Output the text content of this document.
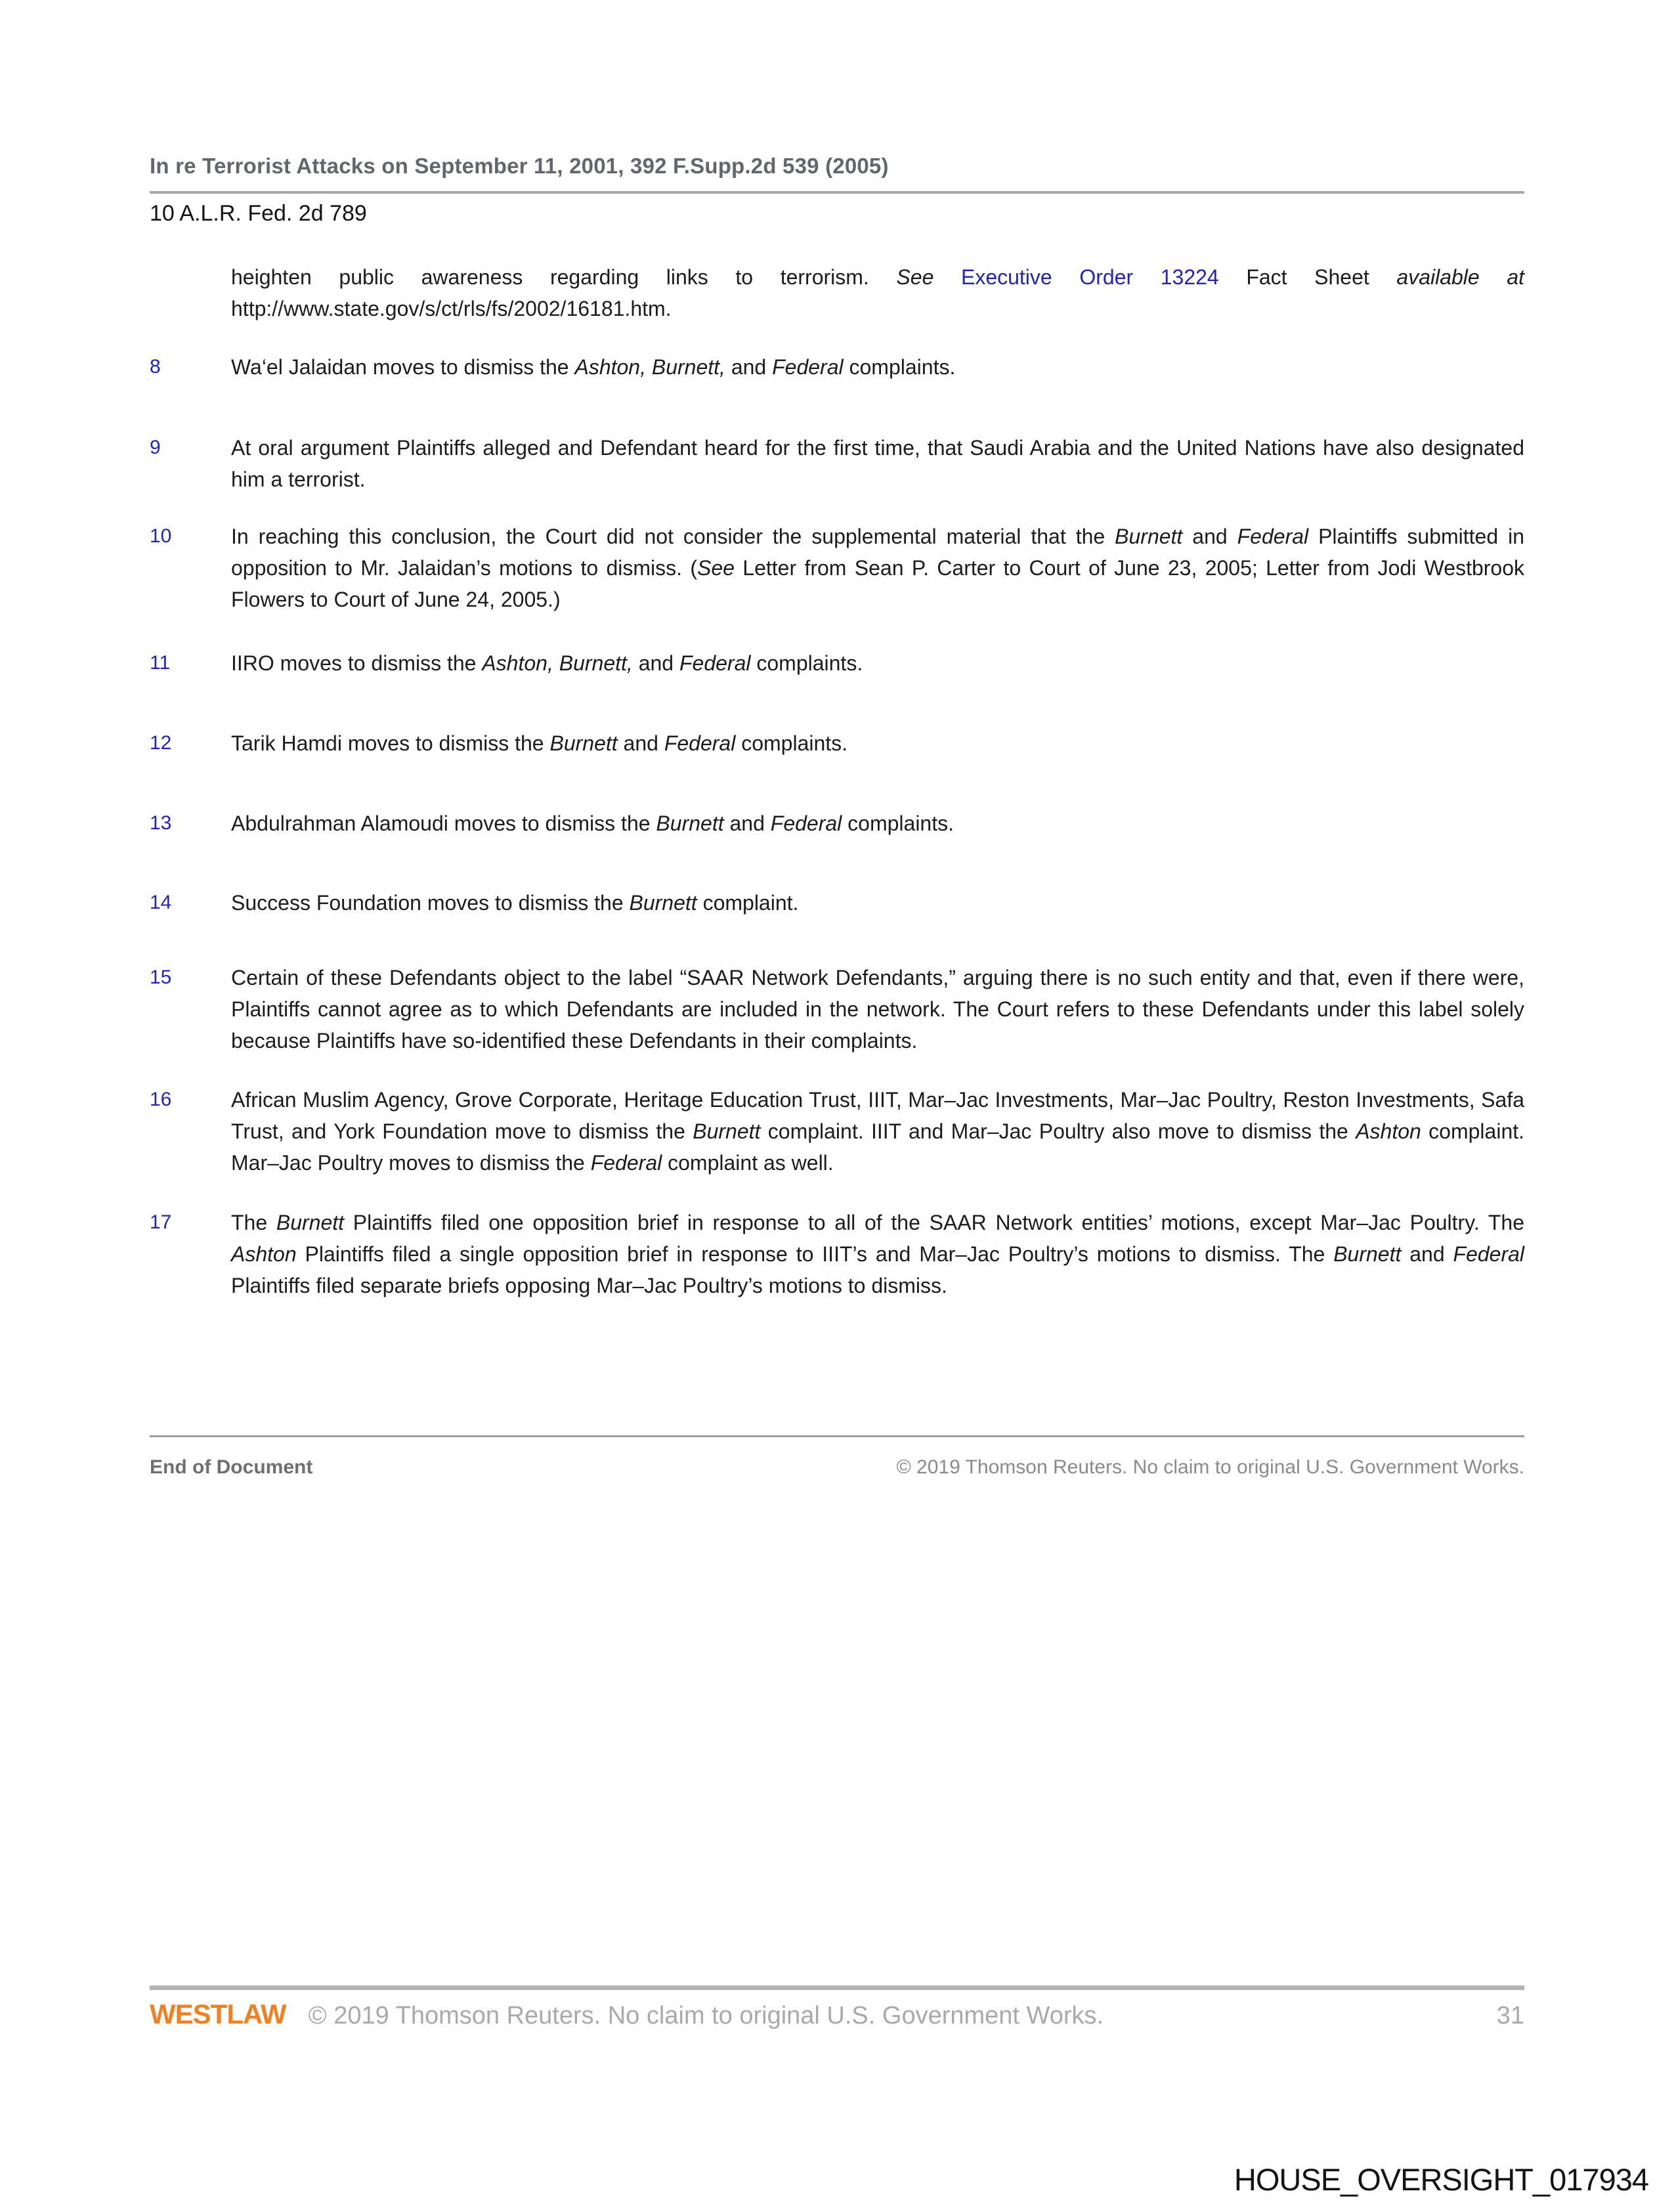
In re Terrorist Attacks on September 11, 2001, 392 F.Supp.2d 539 (2005)
10 A.L.R. Fed. 2d 789
heighten public awareness regarding links to terrorism. See Executive Order 13224 Fact Sheet available at http://www.state.gov/s/ct/rls/fs/2002/16181.htm.
8	Wa‘el Jalaidan moves to dismiss the Ashton, Burnett, and Federal complaints.
9	At oral argument Plaintiffs alleged and Defendant heard for the first time, that Saudi Arabia and the United Nations have also designated him a terrorist.
10	In reaching this conclusion, the Court did not consider the supplemental material that the Burnett and Federal Plaintiffs submitted in opposition to Mr. Jalaidan’s motions to dismiss. (See Letter from Sean P. Carter to Court of June 23, 2005; Letter from Jodi Westbrook Flowers to Court of June 24, 2005.)
11	IIRO moves to dismiss the Ashton, Burnett, and Federal complaints.
12	Tarik Hamdi moves to dismiss the Burnett and Federal complaints.
13	Abdulrahman Alamoudi moves to dismiss the Burnett and Federal complaints.
14	Success Foundation moves to dismiss the Burnett complaint.
15	Certain of these Defendants object to the label “SAAR Network Defendants,” arguing there is no such entity and that, even if there were, Plaintiffs cannot agree as to which Defendants are included in the network. The Court refers to these Defendants under this label solely because Plaintiffs have so-identified these Defendants in their complaints.
16	African Muslim Agency, Grove Corporate, Heritage Education Trust, IIIT, Mar–Jac Investments, Mar–Jac Poultry, Reston Investments, Safa Trust, and York Foundation move to dismiss the Burnett complaint. IIIT and Mar–Jac Poultry also move to dismiss the Ashton complaint. Mar–Jac Poultry moves to dismiss the Federal complaint as well.
17	The Burnett Plaintiffs filed one opposition brief in response to all of the SAAR Network entities’ motions, except Mar–Jac Poultry. The Ashton Plaintiffs filed a single opposition brief in response to IIIT’s and Mar–Jac Poultry’s motions to dismiss. The Burnett and Federal Plaintiffs filed separate briefs opposing Mar–Jac Poultry’s motions to dismiss.
End of Document	© 2019 Thomson Reuters. No claim to original U.S. Government Works.
WESTLAW © 2019 Thomson Reuters. No claim to original U.S. Government Works.	31
HOUSE_OVERSIGHT_017934
